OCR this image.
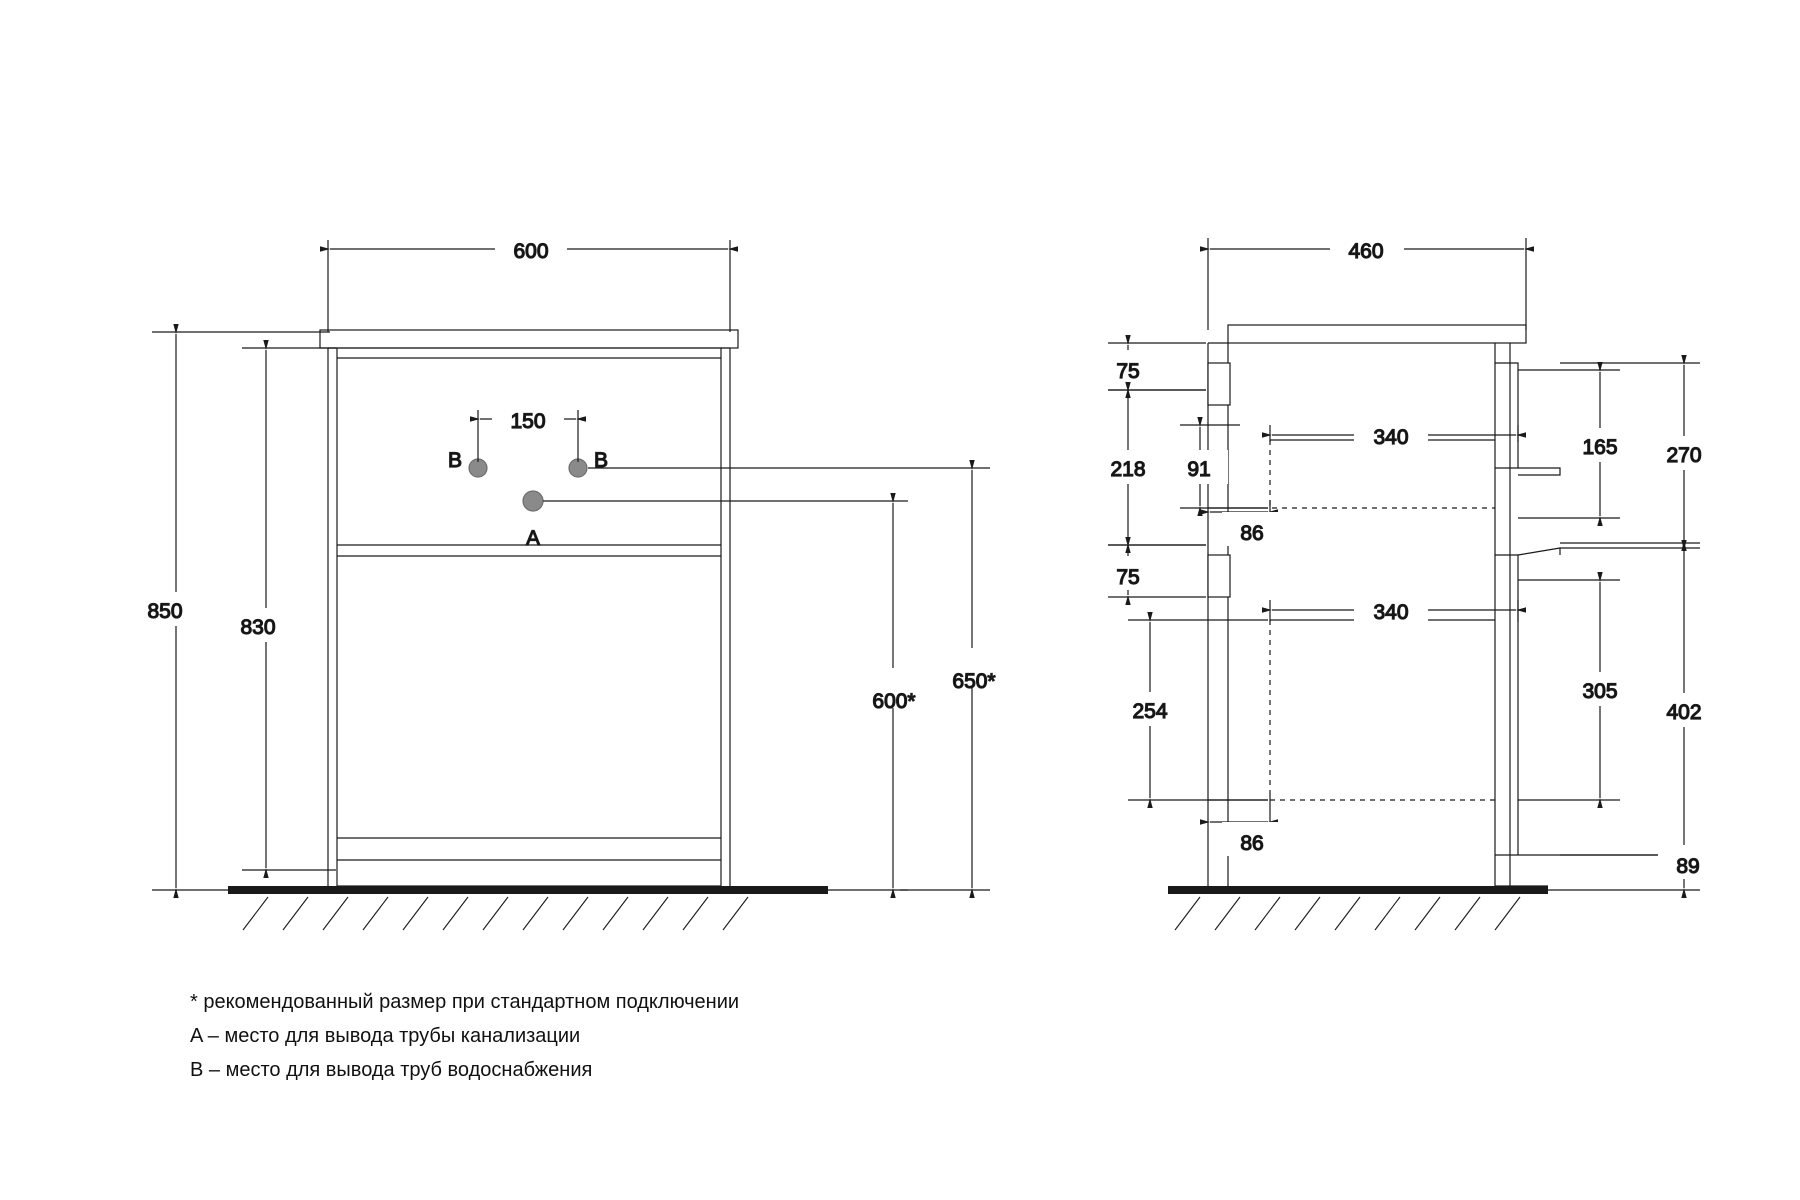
600
150
B	B
A
850
830
650*
600*
460
75
218
75
91
340
86
165 270
254
340
86
305
402
89
* рекомендованный размер при стандартном подключении
A – место для вывода трубы канализации
B – место для вывода труб водоснабжения
